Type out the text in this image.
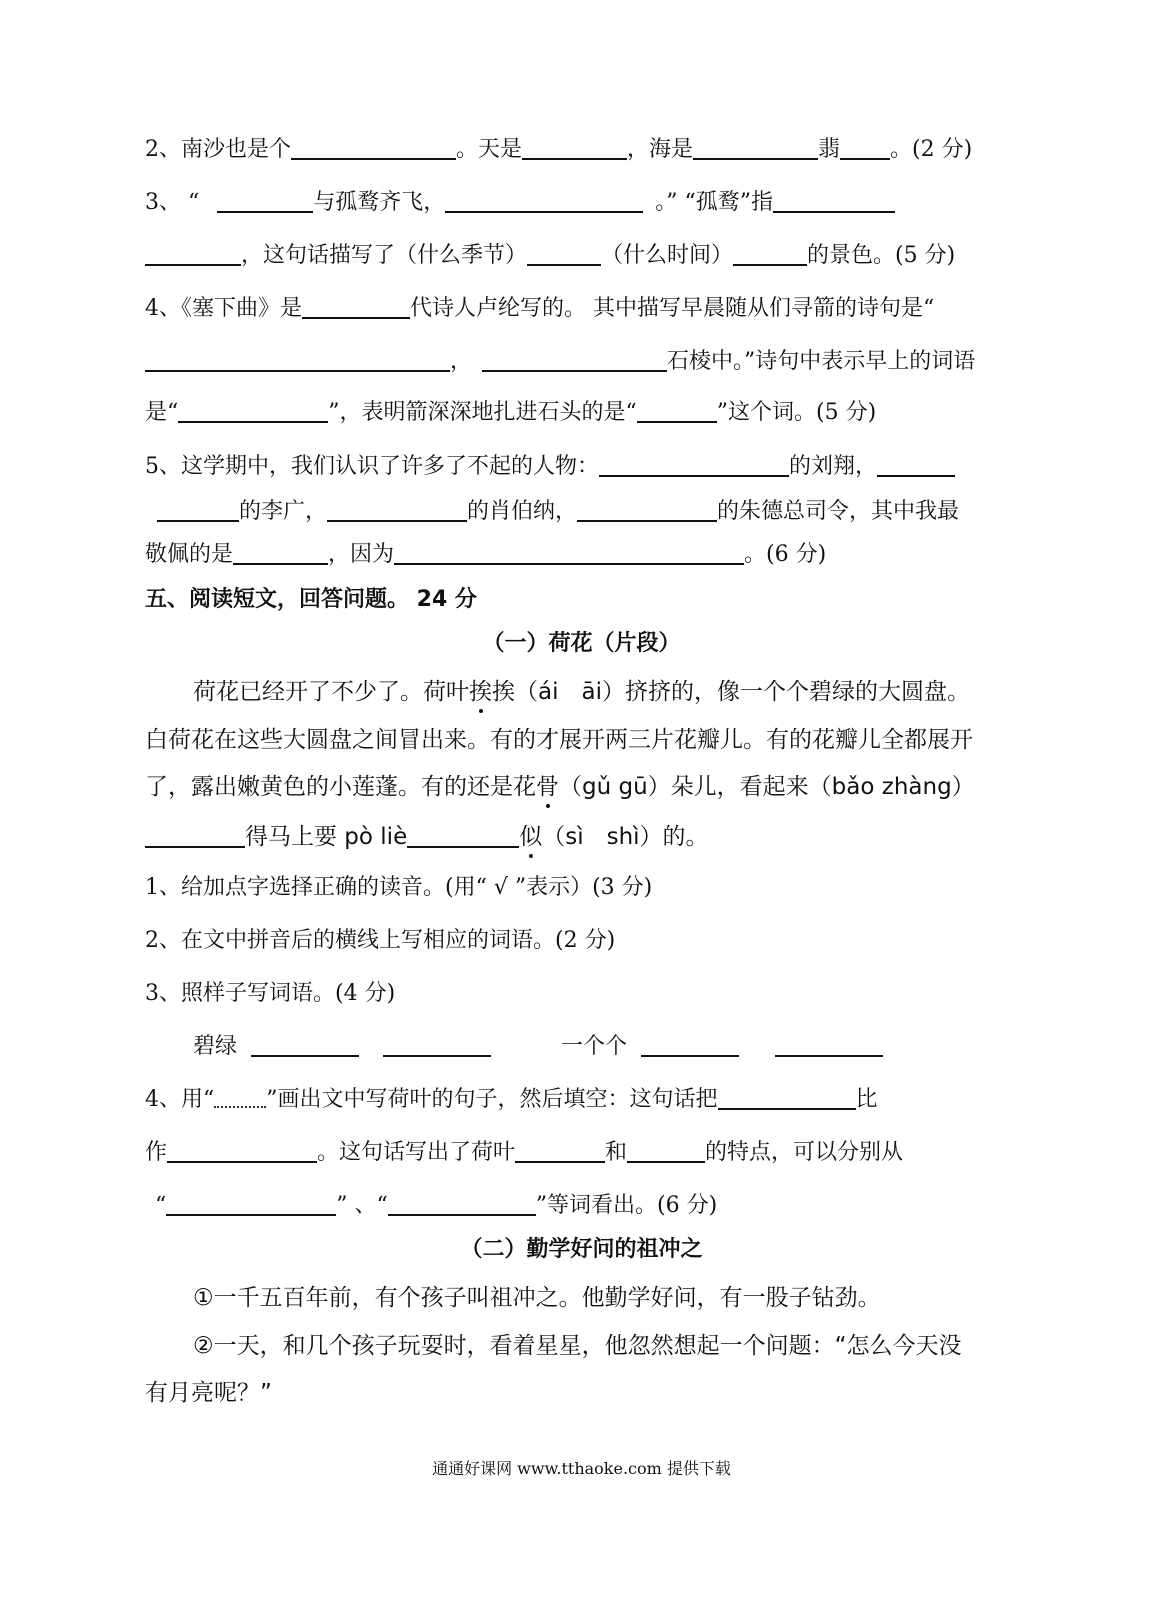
2、南沙也是个	。天是	，海是	翡 。(2 分)
3、 “	与孤鹜齐飞，	。” “孤鹜”指
，这句话描写了（什么季节）	（什么时间）	的景色。(5 分)
4、《塞下曲》是	代诗人卢纶写的。 其中描写早晨随从们寻箭的诗句是“
，	石棱中。”诗句中表示早上的词语
是“	”，表明箭深深地扎进石头的是“	”这个词。(5 分)
5、这学期中，我们认识了许多了不起的人物：	的刘翔，
的李广，	的肖伯纳，	的朱德总司令，其中我最
敬佩的是	，因为	。(6 分)
五、阅读短文，回答问题。 24 分
（一）荷花（片段）
荷花已经开了不少了。荷叶挨挨（ái　āi）挤挤的，像一个个碧绿的大圆盘。
白荷花在这些大圆盘之间冒出来。有的才展开两三片花瓣儿。有的花瓣儿全都展开
了，露出嫩黄色的小莲蓬。有的还是花骨（gǔ gū）朵儿，看起来（bǎo zhàng）
得马上要 pò liè	似（sì　shì）的。
1、给加点字选择正确的读音。(用“ √ ”表示）(3 分)
2、在文中拼音后的横线上写相应的词语。(2 分)
3、照样子写词语。(4 分)
碧绿	一个个
4、用“ ”画出文中写荷叶的句子，然后填空：这句话把	比
作	。这句话写出了荷叶	和	的特点，可以分别从
“	” 、“	”等词看出。(6 分)
（二）勤学好问的祖冲之
①一千五百年前，有个孩子叫祖冲之。他勤学好问，有一股子钻劲。
②一天，和几个孩子玩耍时，看着星星，他忽然想起一个问题：“怎么今天没
有月亮呢？”
通通好课网 www.tthaoke.com 提供下载
